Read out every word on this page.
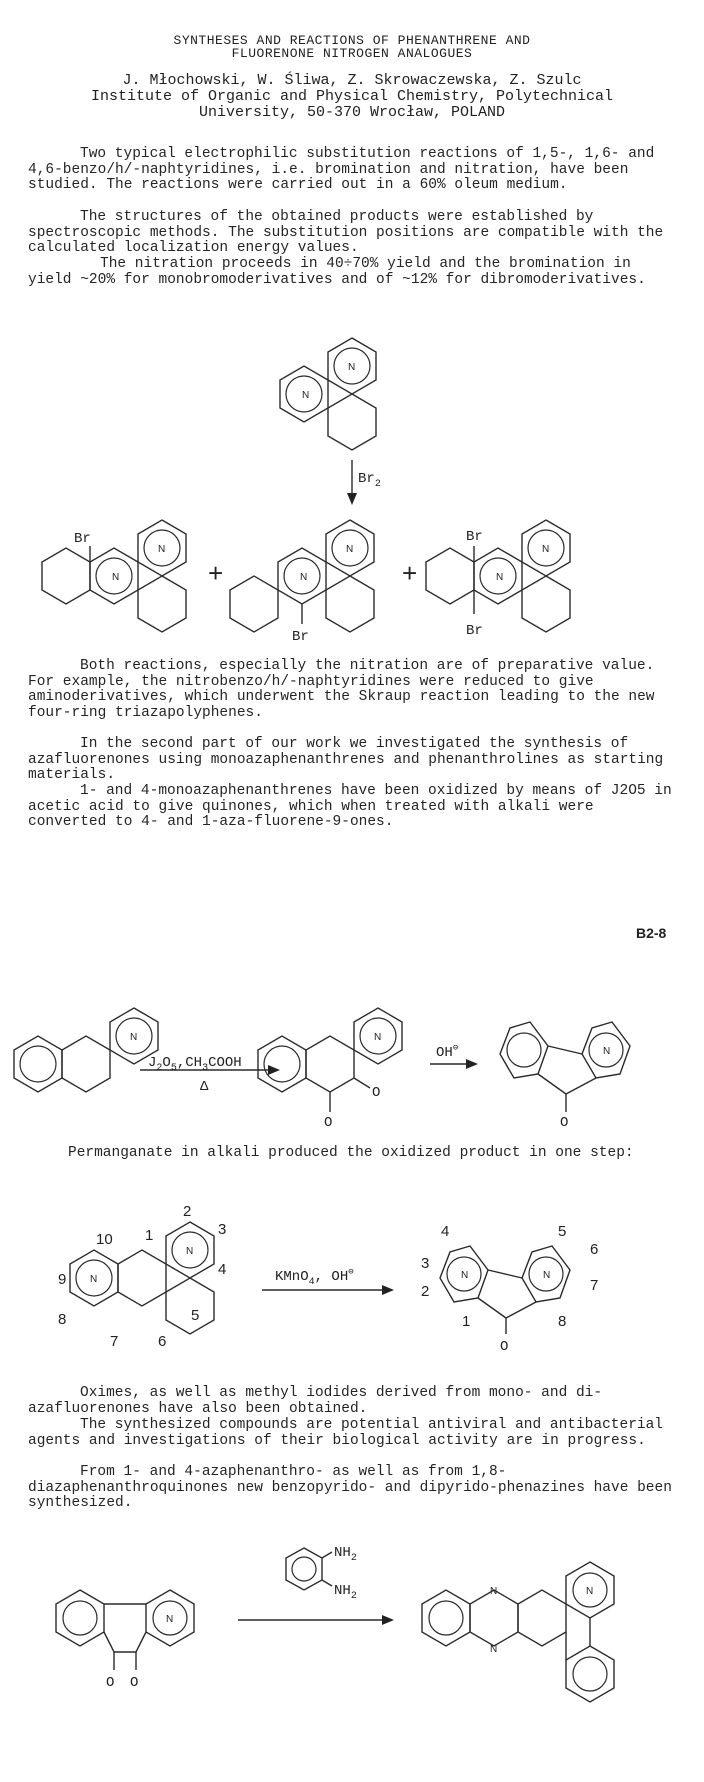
SYNTHESES AND REACTIONS OF PHENANTHRENE AND
FLUORENONE NITROGEN ANALOGUES
J. Młochowski, W. Śliwa, Z. Skrowaczewska, Z. Szulc
Institute of Organic and Physical Chemistry, Polytechnical
University, 50-370 Wrocław, POLAND
Two typical electrophilic substitution reactions of 1,5-, 1,6- and 4,6-benzo/h/-naphtyridines, i.e. bromination and nitration, have been studied. The reactions were carried out in a 60% oleum medium.
The structures of the obtained products were established by spectroscopic methods. The substitution positions are compatible with the calculated localization energy values.
The nitration proceeds in 40÷70% yield and the bromination in yield ~20% for monobromoderivatives and of ~12% for dibromoderivatives.
N
N
$Br_2$
N
N
Br
+
N
N
Br
+
N
N
Br
Br
Both reactions, especially the nitration are of preparative value. For example, the nitrobenzo/h/-naphtyridines were reduced to give aminoderivatives, which underwent the Skraup reaction leading to the new four-ring triazapolyphenes.
In the second part of our work we investigated the synthesis of azafluorenones using monoazaphenanthrenes and phenanthrolines as starting materials.
1- and 4-monoazaphenanthrenes have been oxidized by means of J2O5 in acetic acid to give quinones, which when treated with alkali were converted to 4- and 1-aza-fluorene-9-ones.
B2-8
N
$J_2O_5,CH_3COOH$
Δ
N
O
O
OH⊖	N
O
Permanganate in alkali produced the oxidized product in one step:
N
N
1
2
3
4
5
6
7
8
9
10
KMnO$_4$, OH⊖	N	N
O
4
3
2
1
5
6
7
8
Oximes, as well as methyl iodides derived from mono- and di-azafluorenones have also been obtained.
The synthesized compounds are potential antiviral and antibacterial agents and investigations of their biological activity are in progress.
From 1- and 4-azaphenanthro- as well as from 1,8-diazaphenanthroquinones new benzopyrido- and dipyrido-phenazines have been synthesized.
N
O O
$NH_2$
$NH_2$	N
N
N
